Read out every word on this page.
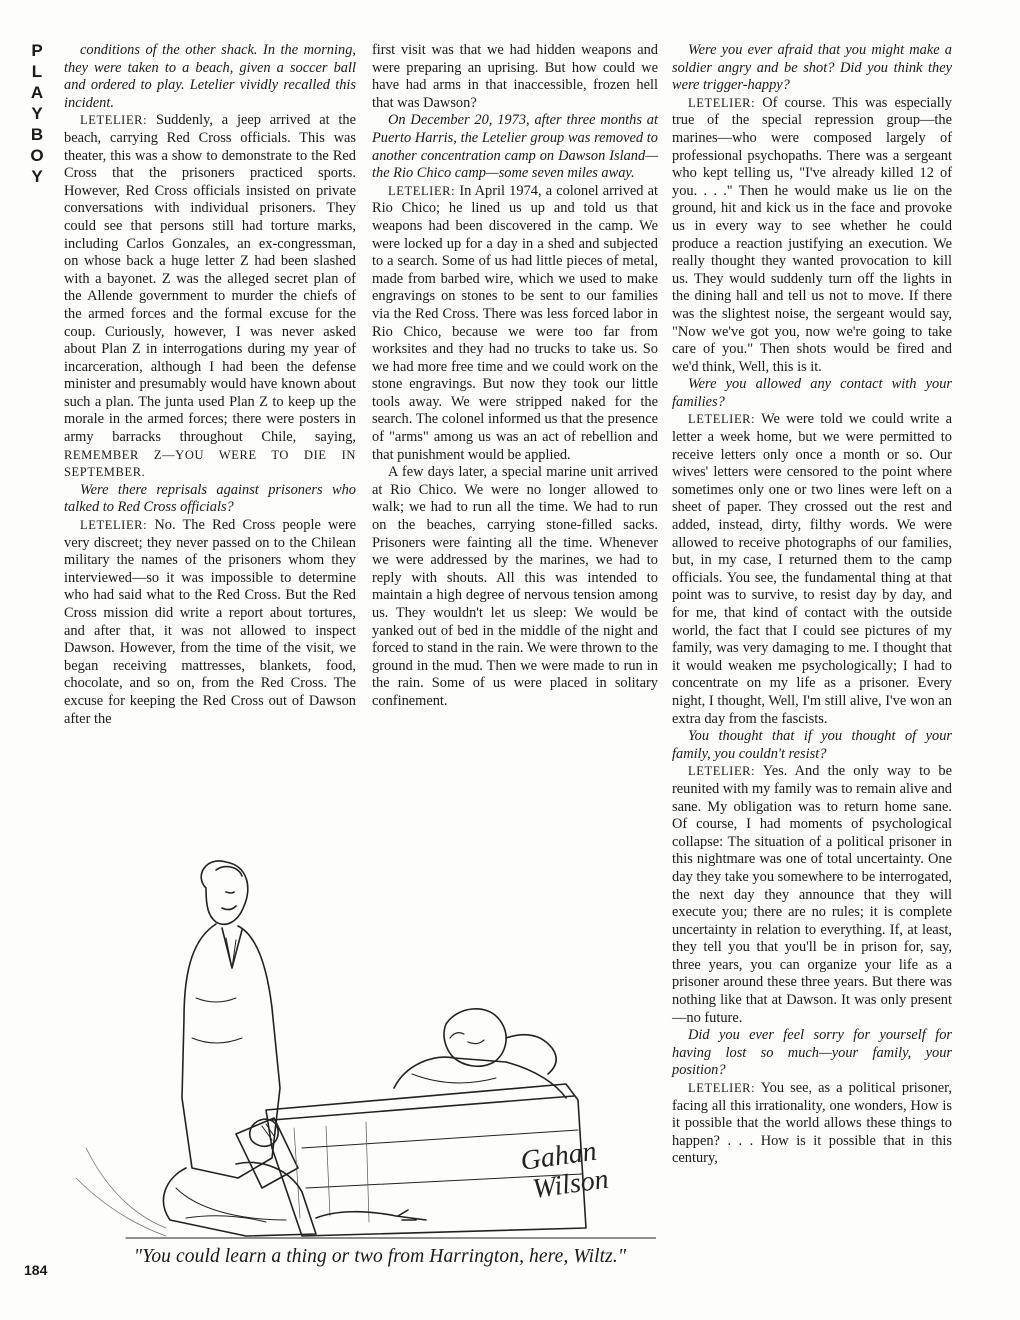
P
L
A
Y
B
O
Y

conditions of the other shack. In the morning, they were taken to a beach, given a soccer ball and ordered to play. Letelier vividly recalled this incident.

LETELIER: Suddenly, a jeep arrived at the beach, carrying Red Cross officials. This was theater, this was a show to demonstrate to the Red Cross that the prisoners practiced sports. However, Red Cross officials insisted on private conversations with individual prisoners. They could see that persons still had torture marks, including Carlos Gonzales, an ex-congressman, on whose back a huge letter Z had been slashed with a bayonet. Z was the alleged secret plan of the Allende government to murder the chiefs of the armed forces and the formal excuse for the coup. Curiously, however, I was never asked about Plan Z in interrogations during my year of incarceration, although I had been the defense minister and presumably would have known about such a plan. The junta used Plan Z to keep up the morale in the armed forces; there were posters in army barracks throughout Chile, saying, REMEMBER Z—YOU WERE TO DIE IN SEPTEMBER.

Were there reprisals against prisoners who talked to Red Cross officials?

LETELIER: No. The Red Cross people were very discreet; they never passed on to the Chilean military the names of the prisoners whom they interviewed—so it was impossible to determine who had said what to the Red Cross. But the Red Cross mission did write a report about tortures, and after that, it was not allowed to inspect Dawson. However, from the time of the visit, we began receiving mattresses, blankets, food, chocolate, and so on, from the Red Cross. The excuse for keeping the Red Cross out of Dawson after the

first visit was that we had hidden weapons and were preparing an uprising. But how could we have had arms in that inaccessible, frozen hell that was Dawson?

On December 20, 1973, after three months at Puerto Harris, the Letelier group was removed to another concentration camp on Dawson Island—the Rio Chico camp—some seven miles away.

LETELIER: In April 1974, a colonel arrived at Rio Chico; he lined us up and told us that weapons had been discovered in the camp. We were locked up for a day in a shed and subjected to a search. Some of us had little pieces of metal, made from barbed wire, which we used to make engravings on stones to be sent to our families via the Red Cross. There was less forced labor in Rio Chico, because we were too far from worksites and they had no trucks to take us. So we had more free time and we could work on the stone engravings. But now they took our little tools away. We were stripped naked for the search. The colonel informed us that the presence of "arms" among us was an act of rebellion and that punishment would be applied.

A few days later, a special marine unit arrived at Rio Chico. We were no longer allowed to walk; we had to run all the time. We had to run on the beaches, carrying stone-filled sacks. Prisoners were fainting all the time. Whenever we were addressed by the marines, we had to reply with shouts. All this was intended to maintain a high degree of nervous tension among us. They wouldn't let us sleep: We would be yanked out of bed in the middle of the night and forced to stand in the rain. We were thrown to the ground in the mud. Then we were made to run in the rain. Some of us were placed in solitary confinement.

Were you ever afraid that you might make a soldier angry and be shot? Did you think they were trigger-happy?

LETELIER: Of course. This was especially true of the special repression group—the marines—who were composed largely of professional psychopaths. There was a sergeant who kept telling us, "I've already killed 12 of you. . . ." Then he would make us lie on the ground, hit and kick us in the face and provoke us in every way to see whether he could produce a reaction justifying an execution. We really thought they wanted provocation to kill us. They would suddenly turn off the lights in the dining hall and tell us not to move. If there was the slightest noise, the sergeant would say, "Now we've got you, now we're going to take care of you." Then shots would be fired and we'd think, Well, this is it.

Were you allowed any contact with your families?

LETELIER: We were told we could write a letter a week home, but we were permitted to receive letters only once a month or so. Our wives' letters were censored to the point where sometimes only one or two lines were left on a sheet of paper. They crossed out the rest and added, instead, dirty, filthy words. We were allowed to receive photographs of our families, but, in my case, I returned them to the camp officials. You see, the fundamental thing at that point was to survive, to resist day by day, and for me, that kind of contact with the outside world, the fact that I could see pictures of my family, was very damaging to me. I thought that it would weaken me psychologically; I had to concentrate on my life as a prisoner. Every night, I thought, Well, I'm still alive, I've won an extra day from the fascists.

You thought that if you thought of your family, you couldn't resist?

LETELIER: Yes. And the only way to be reunited with my family was to remain alive and sane. My obligation was to return home sane. Of course, I had moments of psychological collapse: The situation of a political prisoner in this nightmare was one of total uncertainty. One day they take you somewhere to be interrogated, the next day they announce that they will execute you; there are no rules; it is complete uncertainty in relation to everything. If, at least, they tell you that you'll be in prison for, say, three years, you can organize your life as a prisoner around these three years. But there was nothing like that at Dawson. It was only present—no future.

Did you ever feel sorry for yourself for having lost so much—your family, your position?

LETELIER: You see, as a political prisoner, facing all this irrationality, one wonders, How is it possible that the world allows these things to happen? . . . How is it possible that in this century,

Gahan
Wilson
"You could learn a thing or two from Harrington, here, Wiltz."
184
